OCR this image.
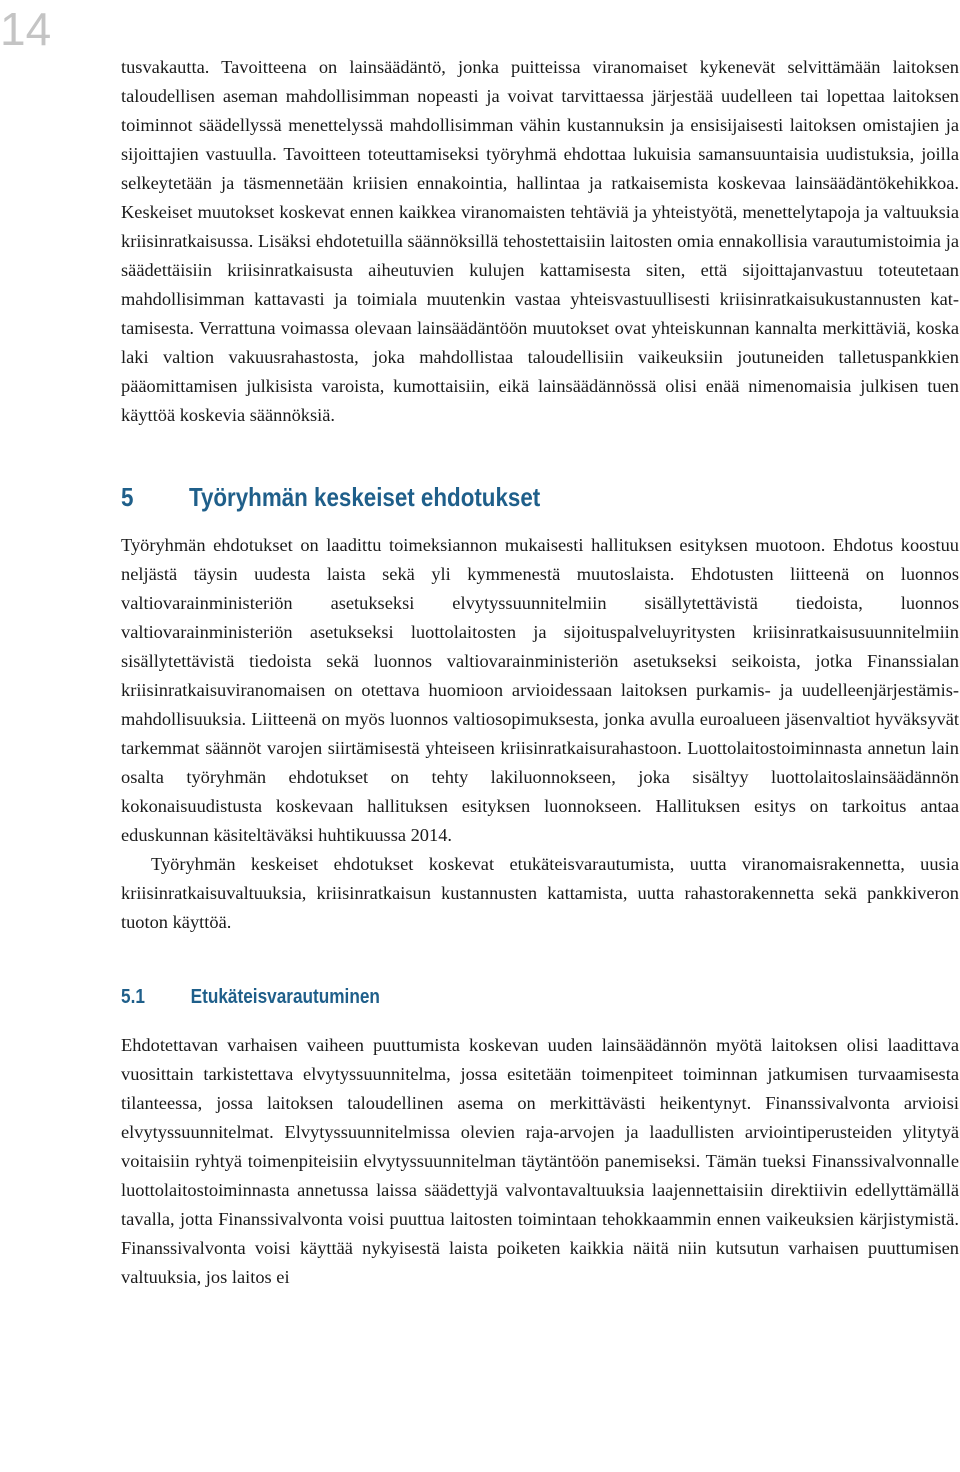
14

tusvakautta. Tavoitteena on lainsäädäntö, jonka puitteissa viranomaiset kykenevät selvittämään laitoksen taloudellisen aseman mahdollisimman nopeasti ja voivat tarvittaessa järjestää uudelleen tai lopettaa laitoksen toiminnot säädellyssä menettelyssä mahdollisimman vähin kustannuksin ja ensisijaisesti laitoksen omistajien ja sijoittajien vastuulla. Tavoitteen toteuttamiseksi työryhmä ehdottaa lukuisia samansuuntaisia uudistuksia, joilla selkeytetään ja täsmennetään kriisien ennakointia, hallintaa ja ratkaisemista koskevaa lainsäädäntökehikkoa. Keskeiset muutokset koskevat ennen kaikkea viranomaisten tehtäviä ja yhteistyötä, menettelytapoja ja valtuuksia kriisinratkaisussa. Lisäksi ehdotetuilla säännöksillä tehostettaisiin laitosten omia ennakollisia varautumistoimia ja säädettäisiin kriisinratkaisusta aiheutuvien kulujen kattamisesta siten, että sijoittajanvastuu toteutetaan mahdollisimman kattavasti ja toimiala muutenkin vastaa yhteisvastuullisesti kriisinratkaisukustannusten kattamisesta. Verrattuna voimassa olevaan lainsäädäntöön muutokset ovat yhteiskunnan kannalta merkittäviä, koska laki valtion vakuusrahastosta, joka mahdollistaa taloudellisiin vaikeuksiin joutuneiden talletuspankkien pääomittamisen julkisista varoista, kumottaisiin, eikä lainsäädännössä olisi enää nimenomaisia julkisen tuen käyttöä koskevia säännöksiä.

5 Työryhmän keskeiset ehdotukset

Työryhmän ehdotukset on laadittu toimeksiannon mukaisesti hallituksen esityksen muotoon. Ehdotus koostuu neljästä täysin uudesta laista sekä yli kymmenestä muutoslaista. Ehdotusten liitteenä on luonnos valtiovarainministeriön asetukseksi elvytyssuunnitelmiin sisällytettävistä tiedoista, luonnos valtiovarainministeriön asetukseksi luottolaitosten ja sijoituspalveluyritysten kriisinratkaisusuunnitelmiin sisällytettävistä tiedoista sekä luonnos valtiovarainministeriön asetukseksi seikoista, jotka Finanssialan kriisinratkaisuviranomaisen on otettava huomioon arvioidessaan laitoksen purkamis- ja uudelleenjärjestämismahdollisuuksia. Liitteenä on myös luonnos valtiosopimuksesta, jonka avulla euroalueen jäsenvaltiot hyväksyvät tarkemmat säännöt varojen siirtämisestä yhteiseen kriisinratkaisurahastoon. Luottolaitostoiminnasta annetun lain osalta työryhmän ehdotukset on tehty lakiluonnokseen, joka sisältyy luottolaitoslainsäädännön kokonaisuudistusta koskevaan hallituksen esityksen luonnokseen. Hallituksen esitys on tarkoitus antaa eduskunnan käsiteltäväksi huhtikuussa 2014.

Työryhmän keskeiset ehdotukset koskevat etukäteisvarautumista, uutta viranomaisrakennetta, uusia kriisinratkaisuvaltuuksia, kriisinratkaisun kustannusten kattamista, uutta rahastorakennetta sekä pankkiveron tuoton käyttöä.

5.1 Etukäteisvarautuminen

Ehdotettavan varhaisen vaiheen puuttumista koskevan uuden lainsäädännön myötä laitoksen olisi laadittava vuosittain tarkistettava elvytyssuunnitelma, jossa esitetään toimenpiteet toiminnan jatkumisen turvaamisesta tilanteessa, jossa laitoksen taloudellinen asema on merkittävästi heikentynyt. Finanssivalvonta arvioisi elvytyssuunnitelmat. Elvytyssuunnitelmissa olevien raja-arvojen ja laadullisten arviointiperusteiden ylitytyä voitaisiin ryhtyä toimenpiteisiin elvytyssuunnitelman täytäntöön panemiseksi. Tämän tueksi Finanssivalvonnalle luottolaitostoiminnasta annetussa laissa säädettyjä valvontavaltuuksia laajennettaisiin direktiivin edellyttämällä tavalla, jotta Finanssivalvonta voisi puuttua laitosten toimintaan tehokkaammin ennen vaikeuksien kärjistymistä. Finanssivalvonta voisi käyttää nykyisestä laista poiketen kaikkia näitä niin kutsutun varhaisen puuttumisen valtuuksia, jos laitos ei
